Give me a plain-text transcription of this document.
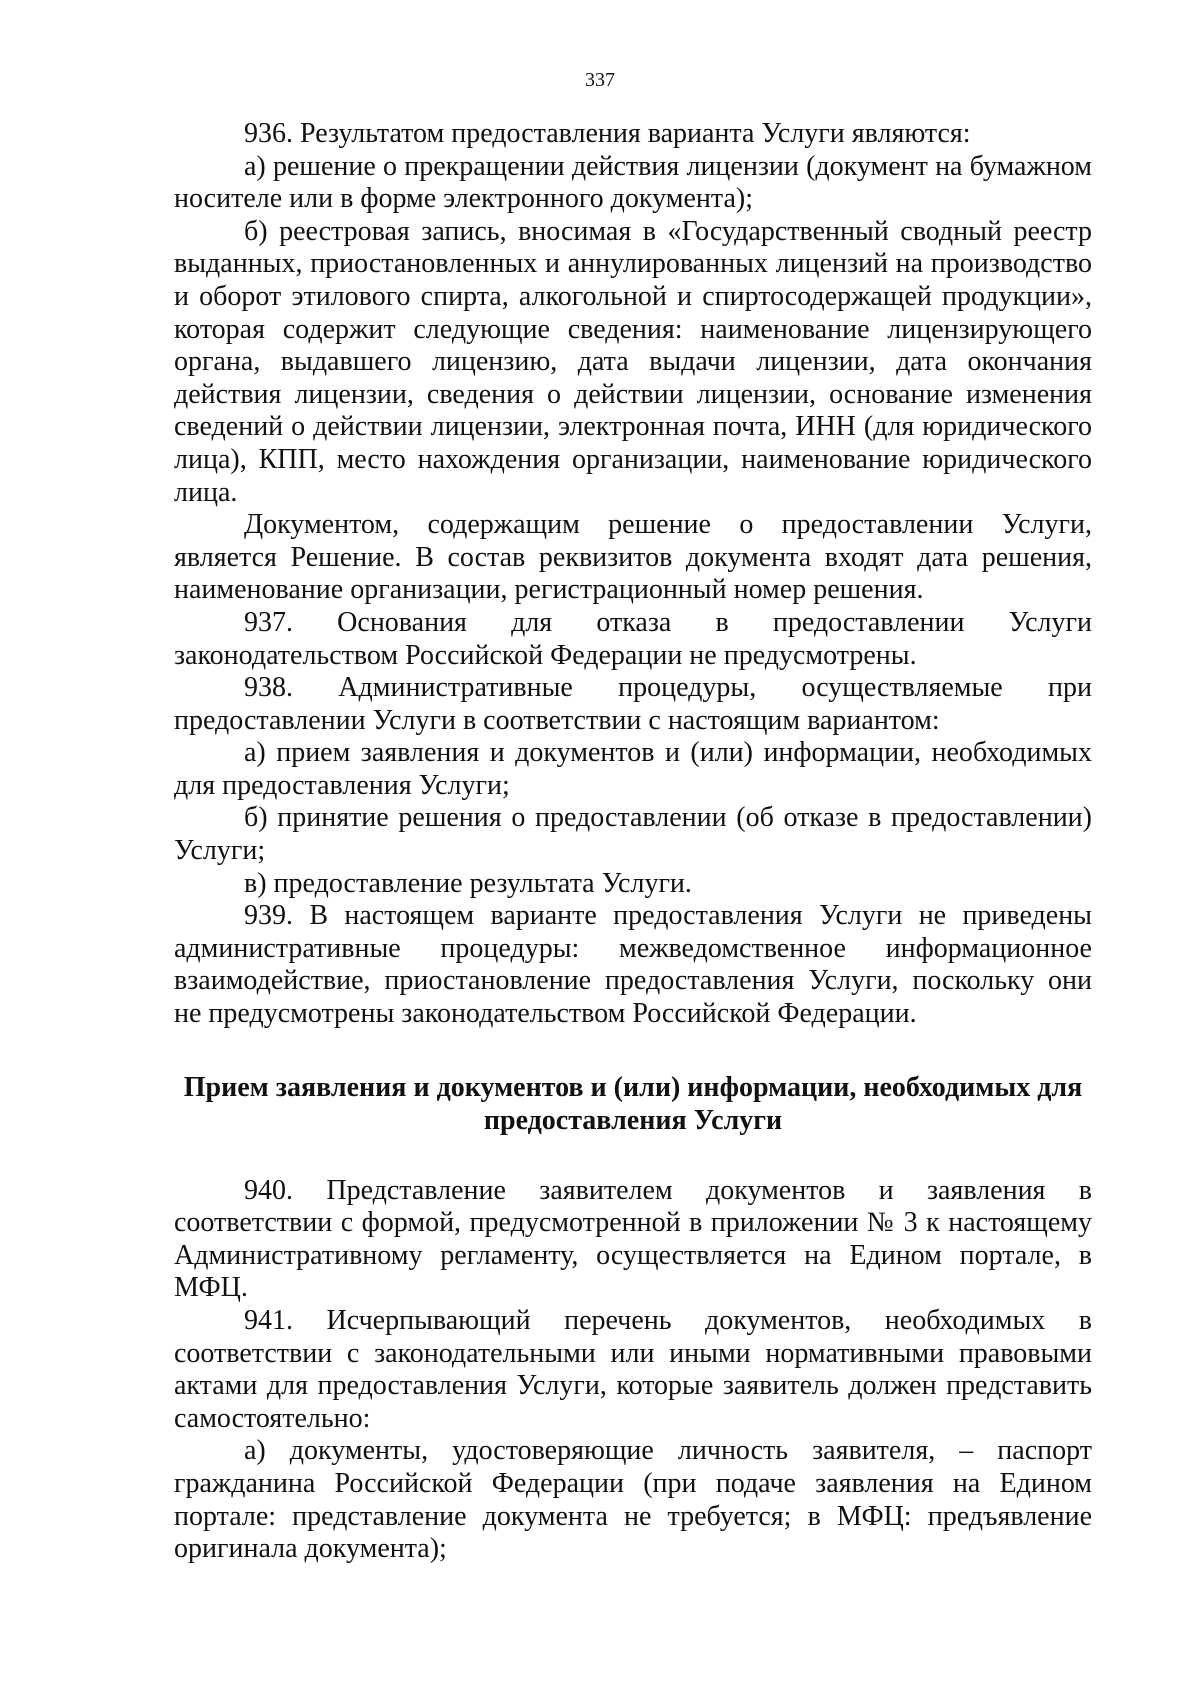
337

936. Результатом предоставления варианта Услуги являются:

а) решение о прекращении действия лицензии (документ на бумажном носителе или в форме электронного документа);

б) реестровая запись, вносимая в «Государственный сводный реестр выданных, приостановленных и аннулированных лицензий на производство и оборот этилового спирта, алкогольной и спиртосодержащей продукции», которая содержит следующие сведения: наименование лицензирующего органа, выдавшего лицензию, дата выдачи лицензии, дата окончания действия лицензии, сведения о действии лицензии, основание изменения сведений о действии лицензии, электронная почта, ИНН (для юридического лица), КПП, место нахождения организации, наименование юридического лица.

Документом, содержащим решение о предоставлении Услуги, является Решение. В состав реквизитов документа входят дата решения, наименование организации, регистрационный номер решения.

937. Основания для отказа в предоставлении Услуги законодательством Российской Федерации не предусмотрены.

938. Административные процедуры, осуществляемые при предоставлении Услуги в соответствии с настоящим вариантом:

а) прием заявления и документов и (или) информации, необходимых для предоставления Услуги;

б) принятие решения о предоставлении (об отказе в предоставлении) Услуги;

в) предоставление результата Услуги.

939. В настоящем варианте предоставления Услуги не приведены административные процедуры: межведомственное информационное взаимодействие, приостановление предоставления Услуги, поскольку они не предусмотрены законодательством Российской Федерации.

Прием заявления и документов и (или) информации, необходимых для
предоставления Услуги

940. Представление заявителем документов и заявления в соответствии с формой, предусмотренной в приложении № 3 к настоящему Административному регламенту, осуществляется на Едином портале, в МФЦ.

941. Исчерпывающий перечень документов, необходимых в соответствии с законодательными или иными нормативными правовыми актами для предоставления Услуги, которые заявитель должен представить самостоятельно:

а) документы, удостоверяющие личность заявителя, – паспорт гражданина Российской Федерации (при подаче заявления на Едином портале: представление документа не требуется; в МФЦ: предъявление оригинала документа);
